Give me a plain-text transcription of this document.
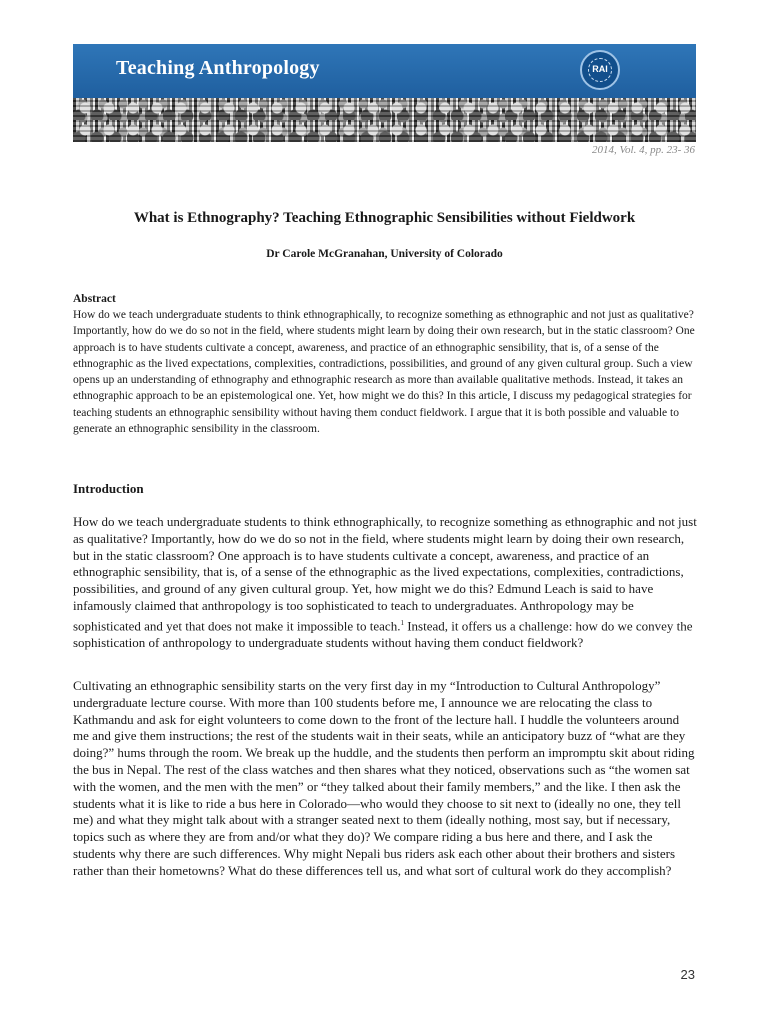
Teaching Anthropology	RAI
2014, Vol. 4, pp. 23- 36
What is Ethnography? Teaching Ethnographic Sensibilities without Fieldwork
Dr Carole McGranahan, University of Colorado
Abstract
How do we teach undergraduate students to think ethnographically, to recognize something as ethnographic and not just as qualitative? Importantly, how do we do so not in the field, where students might learn by doing their own research, but in the static classroom? One approach is to have students cultivate a concept, awareness, and practice of an ethnographic sensibility, that is, of a sense of the ethnographic as the lived expectations, complexities, contradictions, possibilities, and ground of any given cultural group. Such a view opens up an understanding of ethnography and ethnographic research as more than available qualitative methods. Instead, it takes an ethnographic approach to be an epistemological one. Yet, how might we do this? In this article, I discuss my pedagogical strategies for teaching students an ethnographic sensibility without having them conduct fieldwork. I argue that it is both possible and valuable to generate an ethnographic sensibility in the classroom.
Introduction
How do we teach undergraduate students to think ethnographically, to recognize something as ethnographic and not just as qualitative? Importantly, how do we do so not in the field, where students might learn by doing their own research, but in the static classroom? One approach is to have students cultivate a concept, awareness, and practice of an ethnographic sensibility, that is, of a sense of the ethnographic as the lived expectations, complexities, contradictions, possibilities, and ground of any given cultural group. Yet, how might we do this? Edmund Leach is said to have infamously claimed that anthropology is too sophisticated to teach to undergraduates. Anthropology may be sophisticated and yet that does not make it impossible to teach.$^1$ Instead, it offers us a challenge: how do we convey the sophistication of anthropology to undergraduate students without having them conduct fieldwork?
Cultivating an ethnographic sensibility starts on the very first day in my “Introduction to Cultural Anthropology” undergraduate lecture course. With more than 100 students before me, I announce we are relocating the class to Kathmandu and ask for eight volunteers to come down to the front of the lecture hall. I huddle the volunteers around me and give them instructions; the rest of the students wait in their seats, while an anticipatory buzz of “what are they doing?” hums through the room. We break up the huddle, and the students then perform an impromptu skit about riding the bus in Nepal. The rest of the class watches and then shares what they noticed, observations such as “the women sat with the women, and the men with the men” or “they talked about their family members,” and the like. I then ask the students what it is like to ride a bus here in Colorado—who would they choose to sit next to (ideally no one, they tell me) and what they might talk about with a stranger seated next to them (ideally nothing, most say, but if necessary, topics such as where they are from and/or what they do)? We compare riding a bus here and there, and I ask the students why there are such differences. Why might Nepali bus riders ask each other about their brothers and sisters rather than their hometowns? What do these differences tell us, and what sort of cultural work do they accomplish?
23
